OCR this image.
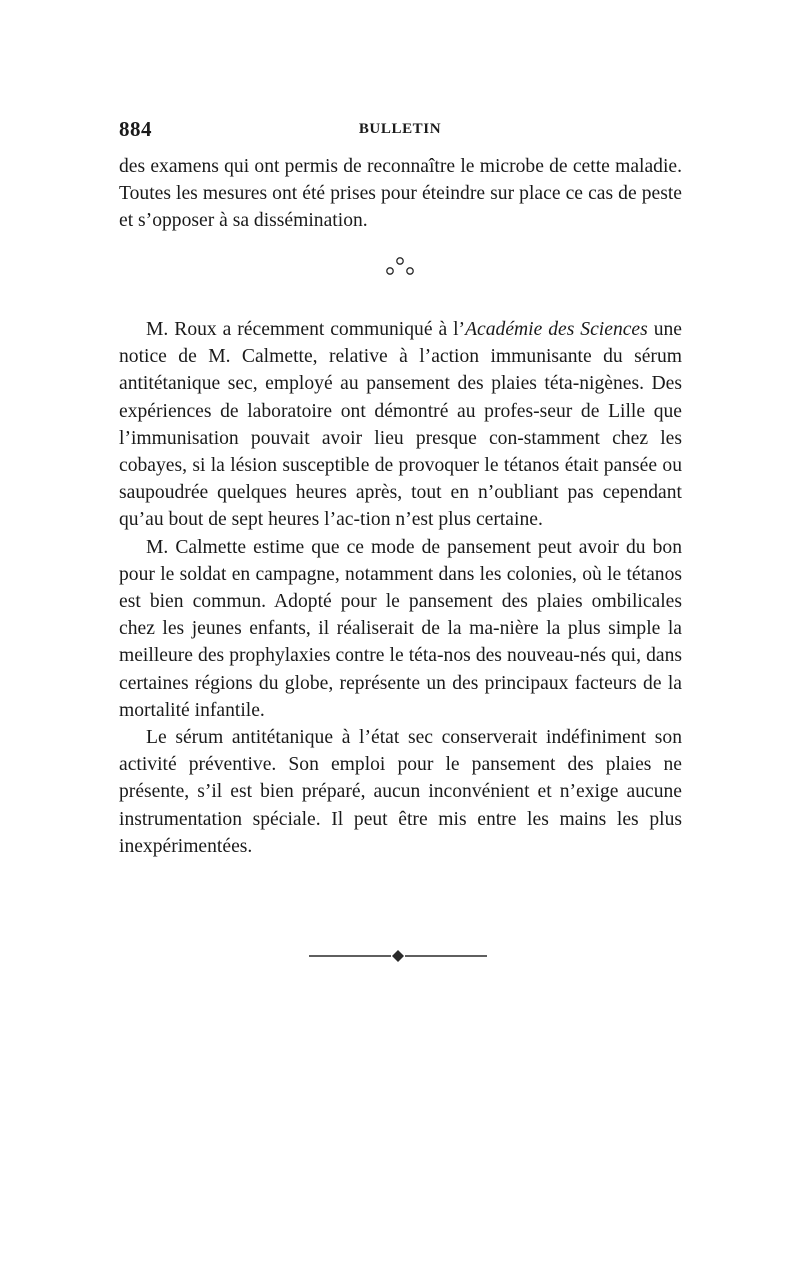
884	BULLETIN

des examens qui ont permis de reconnaître le microbe de cette maladie. Toutes les mesures ont été prises pour éteindre sur place ce cas de peste et s’opposer à sa dissémination.

M. Roux a récemment communiqué à l’Académie des Sciences une notice de M. Calmette, relative à l’action immunisante du sérum antitétanique sec, employé au pansement des plaies téta-nigènes. Des expériences de laboratoire ont démontré au profes-seur de Lille que l’immunisation pouvait avoir lieu presque con-stamment chez les cobayes, si la lésion susceptible de provoquer le tétanos était pansée ou saupoudrée quelques heures après, tout en n’oubliant pas cependant qu’au bout de sept heures l’ac-tion n’est plus certaine.

M. Calmette estime que ce mode de pansement peut avoir du bon pour le soldat en campagne, notamment dans les colonies, où le tétanos est bien commun. Adopté pour le pansement des plaies ombilicales chez les jeunes enfants, il réaliserait de la ma-nière la plus simple la meilleure des prophylaxies contre le téta-nos des nouveau-nés qui, dans certaines régions du globe, représente un des principaux facteurs de la mortalité infantile.

Le sérum antitétanique à l’état sec conserverait indéfiniment son activité préventive. Son emploi pour le pansement des plaies ne présente, s’il est bien préparé, aucun inconvénient et n’exige aucune instrumentation spéciale. Il peut être mis entre les mains les plus inexpérimentées.
